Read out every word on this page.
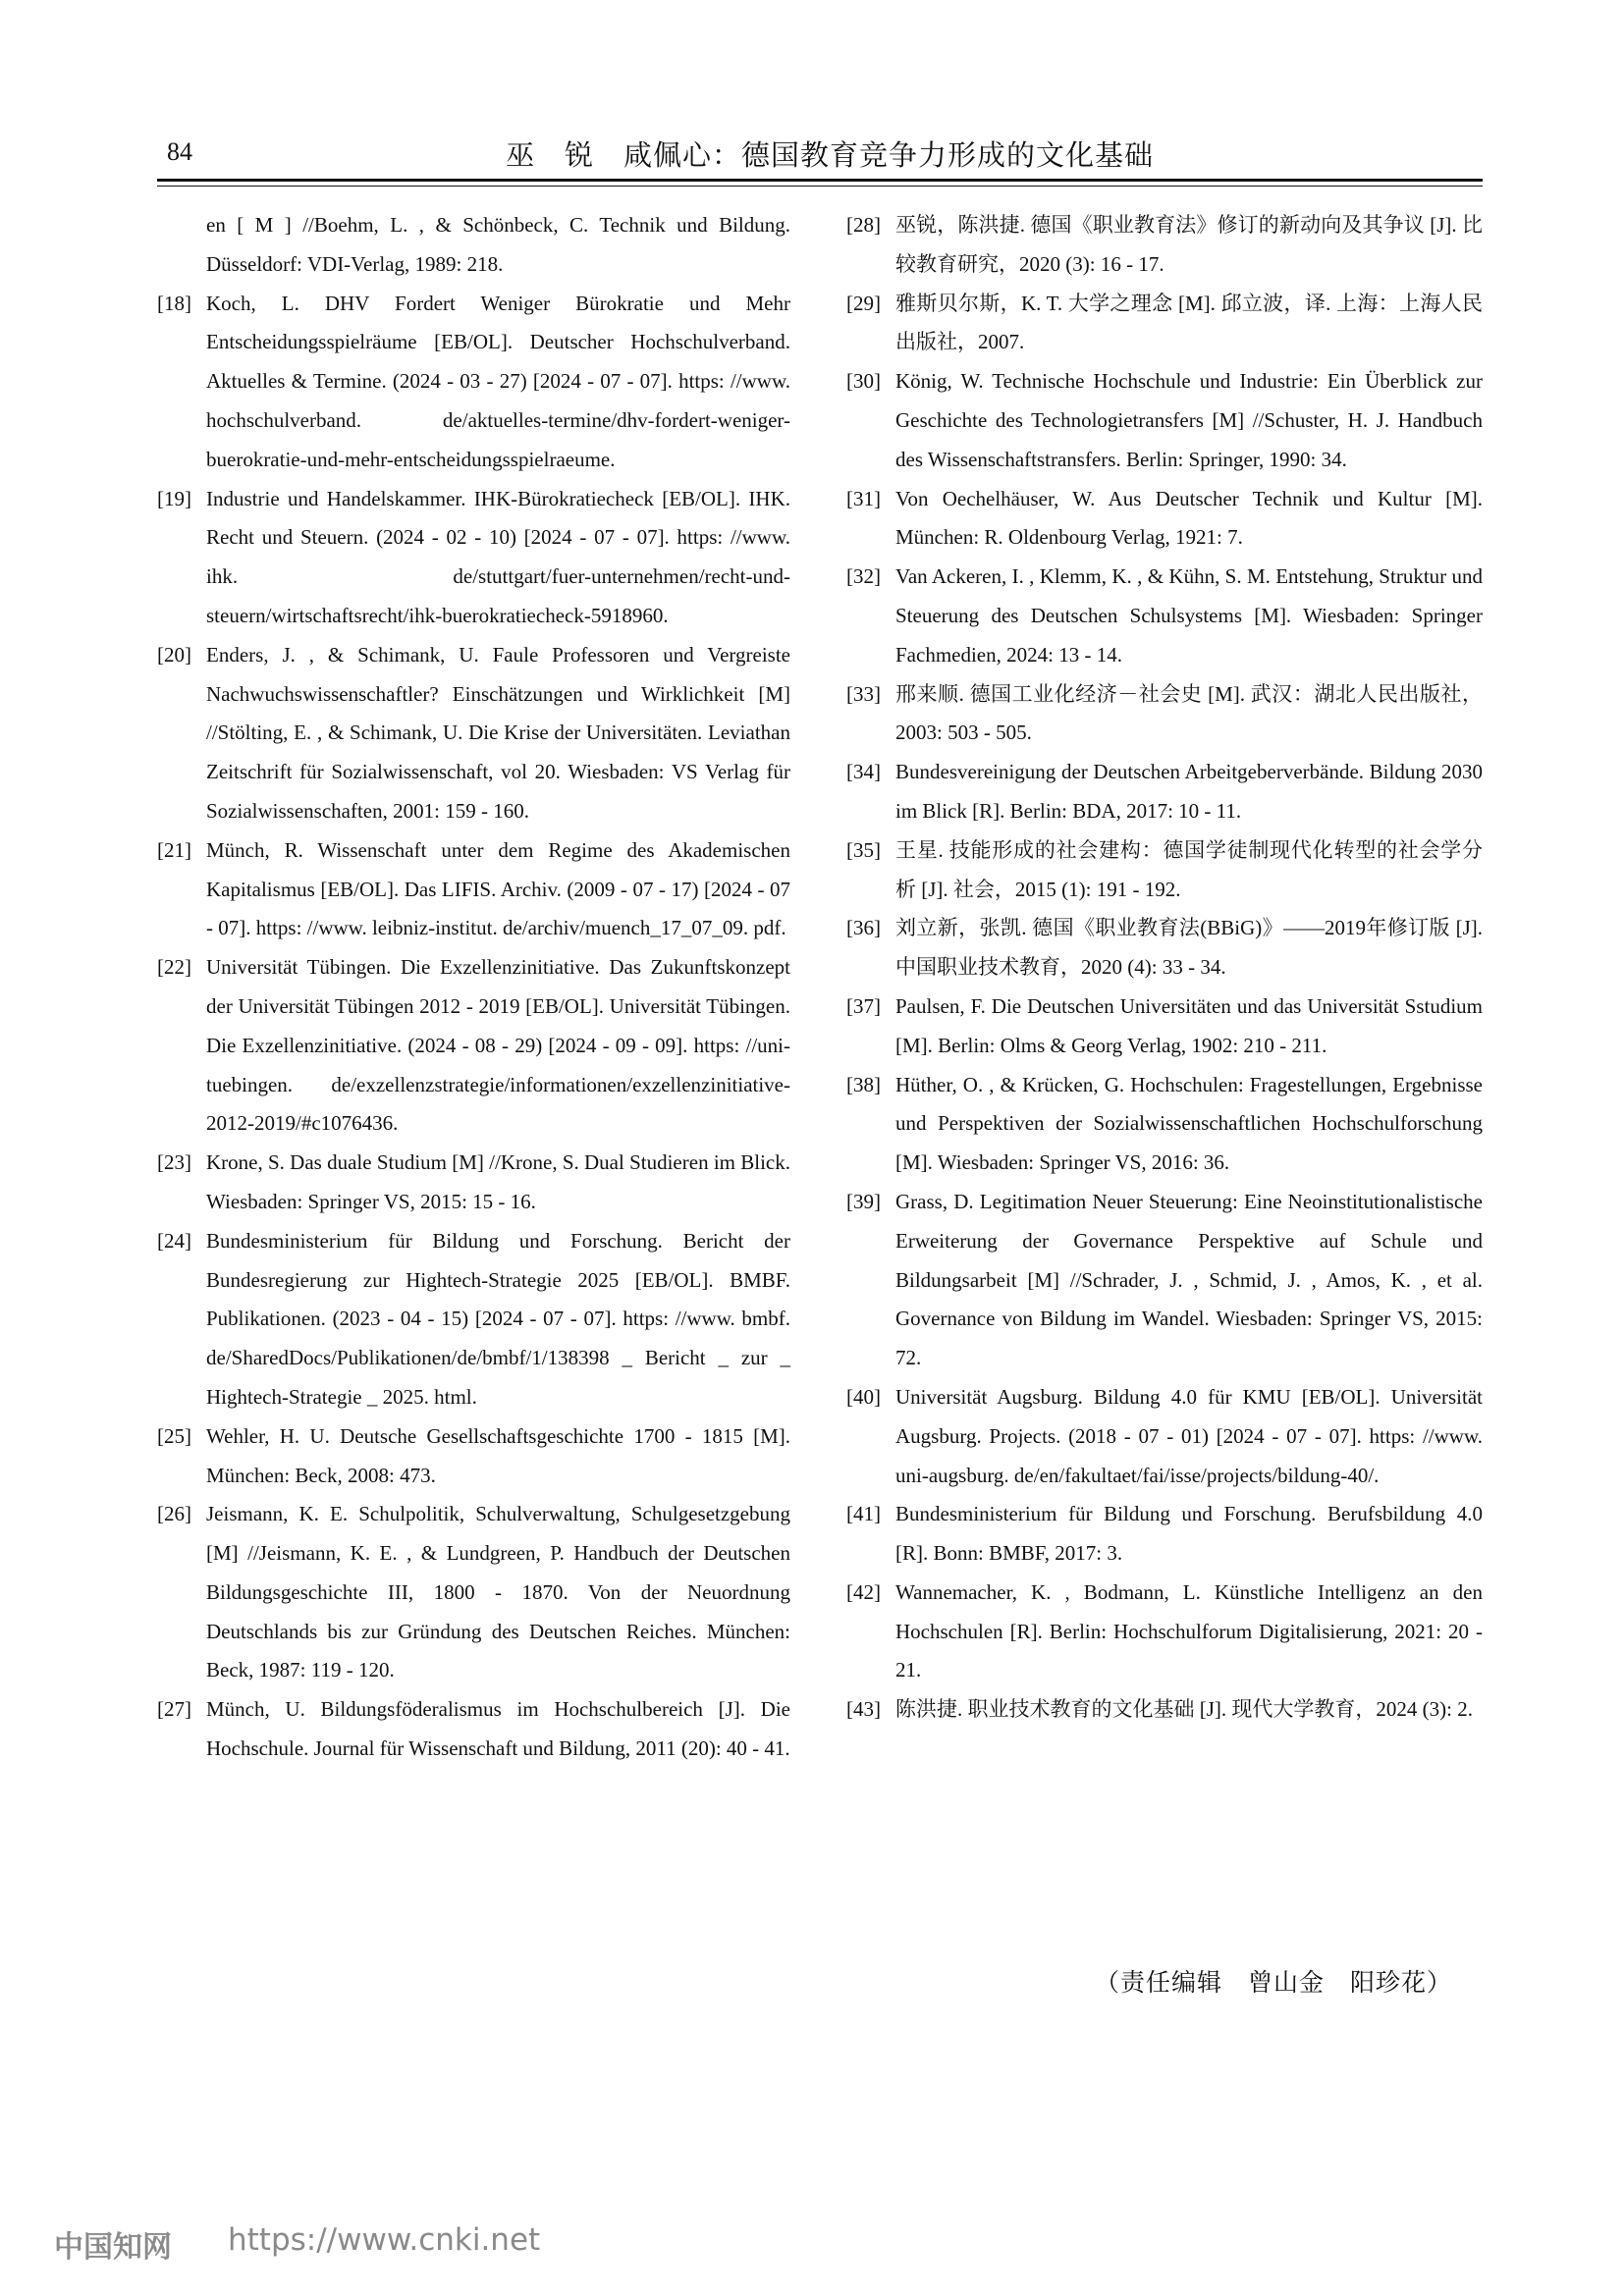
84	巫　锐　咸佩心：德国教育竞争力形成的文化基础
en [ M ] //Boehm, L. , & Schönbeck, C. Technik und Bildung. Düsseldorf: VDI-Verlag, 1989: 218.
[18] Koch, L. DHV Fordert Weniger Bürokratie und Mehr Entscheidungsspielräume [EB/OL]. Deutscher Hochschulverband. Aktuelles & Termine. (2024 - 03 - 27) [2024 - 07 - 07]. https: //www. hochschulverband. de/aktuelles-termine/dhv-fordert-weniger-buerokratie-und-mehr-entscheidungsspielraeume.
[19] Industrie und Handelskammer. IHK-Bürokratiecheck [EB/OL]. IHK. Recht und Steuern. (2024 - 02 - 10) [2024 - 07 - 07]. https: //www. ihk. de/stuttgart/fuer-unternehmen/recht-und-steuern/wirtschaftsrecht/ihk-buerokratiecheck-5918960.
[20] Enders, J. , & Schimank, U. Faule Professoren und Vergreiste Nachwuchswissenschaftler? Einschätzungen und Wirklichkeit [M] //Stölting, E. , & Schimank, U. Die Krise der Universitäten. Leviathan Zeitschrift für Sozialwissenschaft, vol 20. Wiesbaden: VS Verlag für Sozialwissenschaften, 2001: 159 - 160.
[21] Münch, R. Wissenschaft unter dem Regime des Akademischen Kapitalismus [EB/OL]. Das LIFIS. Archiv. (2009 - 07 - 17) [2024 - 07 - 07]. https: //www. leibniz-institut. de/archiv/muench_17_07_09. pdf.
[22] Universität Tübingen. Die Exzellenzinitiative. Das Zukunftskonzept der Universität Tübingen 2012 - 2019 [EB/OL]. Universität Tübingen. Die Exzellenzinitiative. (2024 - 08 - 29) [2024 - 09 - 09]. https: //uni-tuebingen. de/exzellenzstrategie/informationen/exzellenzinitiative-2012-2019/#c1076436.
[23] Krone, S. Das duale Studium [M] //Krone, S. Dual Studieren im Blick. Wiesbaden: Springer VS, 2015: 15 - 16.
[24] Bundesministerium für Bildung und Forschung. Bericht der Bundesregierung zur Hightech-Strategie 2025 [EB/OL]. BMBF. Publikationen. (2023 - 04 - 15) [2024 - 07 - 07]. https: //www. bmbf. de/SharedDocs/Publikationen/de/bmbf/1/138398 _ Bericht _ zur _ Hightech-Strategie _ 2025. html.
[25] Wehler, H. U. Deutsche Gesellschaftsgeschichte 1700 - 1815 [M]. München: Beck, 2008: 473.
[26] Jeismann, K. E. Schulpolitik, Schulverwaltung, Schulgesetzgebung [M] //Jeismann, K. E. , & Lundgreen, P. Handbuch der Deutschen Bildungsgeschichte III, 1800 - 1870. Von der Neuordnung Deutschlands bis zur Gründung des Deutschen Reiches. München: Beck, 1987: 119 - 120.
[27] Münch, U. Bildungsföderalismus im Hochschulbereich [J]. Die Hochschule. Journal für Wissenschaft und Bildung, 2011 (20): 40 - 41.
[28] 巫锐，陈洪捷. 德国《职业教育法》修订的新动向及其争议 [J]. 比较教育研究，2020 (3): 16 - 17.
[29] 雅斯贝尔斯，K. T. 大学之理念 [M]. 邱立波，译. 上海：上海人民出版社，2007.
[30] König, W. Technische Hochschule und Industrie: Ein Überblick zur Geschichte des Technologietransfers [M] //Schuster, H. J. Handbuch des Wissenschaftstransfers. Berlin: Springer, 1990: 34.
[31] Von Oechelhäuser, W. Aus Deutscher Technik und Kultur [M]. München: R. Oldenbourg Verlag, 1921: 7.
[32] Van Ackeren, I. , Klemm, K. , & Kühn, S. M. Entstehung, Struktur und Steuerung des Deutschen Schulsystems [M]. Wiesbaden: Springer Fachmedien, 2024: 13 - 14.
[33] 邢来顺. 德国工业化经济－社会史 [M]. 武汉：湖北人民出版社，2003: 503 - 505.
[34] Bundesvereinigung der Deutschen Arbeitgeberverbände. Bildung 2030 im Blick [R]. Berlin: BDA, 2017: 10 - 11.
[35] 王星. 技能形成的社会建构：德国学徒制现代化转型的社会学分析 [J]. 社会，2015 (1): 191 - 192.
[36] 刘立新，张凯. 德国《职业教育法(BBiG)》——2019年修订版 [J]. 中国职业技术教育，2020 (4): 33 - 34.
[37] Paulsen, F. Die Deutschen Universitäten und das Universität Sstudium [M]. Berlin: Olms & Georg Verlag, 1902: 210 - 211.
[38] Hüther, O. , & Krücken, G. Hochschulen: Fragestellungen, Ergebnisse und Perspektiven der Sozialwissenschaftlichen Hochschulforschung [M]. Wiesbaden: Springer VS, 2016: 36.
[39] Grass, D. Legitimation Neuer Steuerung: Eine Neoinstitutionalistische Erweiterung der Governance Perspektive auf Schule und Bildungsarbeit [M] //Schrader, J. , Schmid, J. , Amos, K. , et al. Governance von Bildung im Wandel. Wiesbaden: Springer VS, 2015: 72.
[40] Universität Augsburg. Bildung 4.0 für KMU [EB/OL]. Universität Augsburg. Projects. (2018 - 07 - 01) [2024 - 07 - 07]. https: //www. uni-augsburg. de/en/fakultaet/fai/isse/projects/bildung-40/.
[41] Bundesministerium für Bildung und Forschung. Berufsbildung 4.0 [R]. Bonn: BMBF, 2017: 3.
[42] Wannemacher, K. , Bodmann, L. Künstliche Intelligenz an den Hochschulen [R]. Berlin: Hochschulforum Digitalisierung, 2021: 20 - 21.
[43] 陈洪捷. 职业技术教育的文化基础 [J]. 现代大学教育，2024 (3): 2.
（责任编辑　曾山金　阳珍花）
中国知网 https://www.cnki.net
